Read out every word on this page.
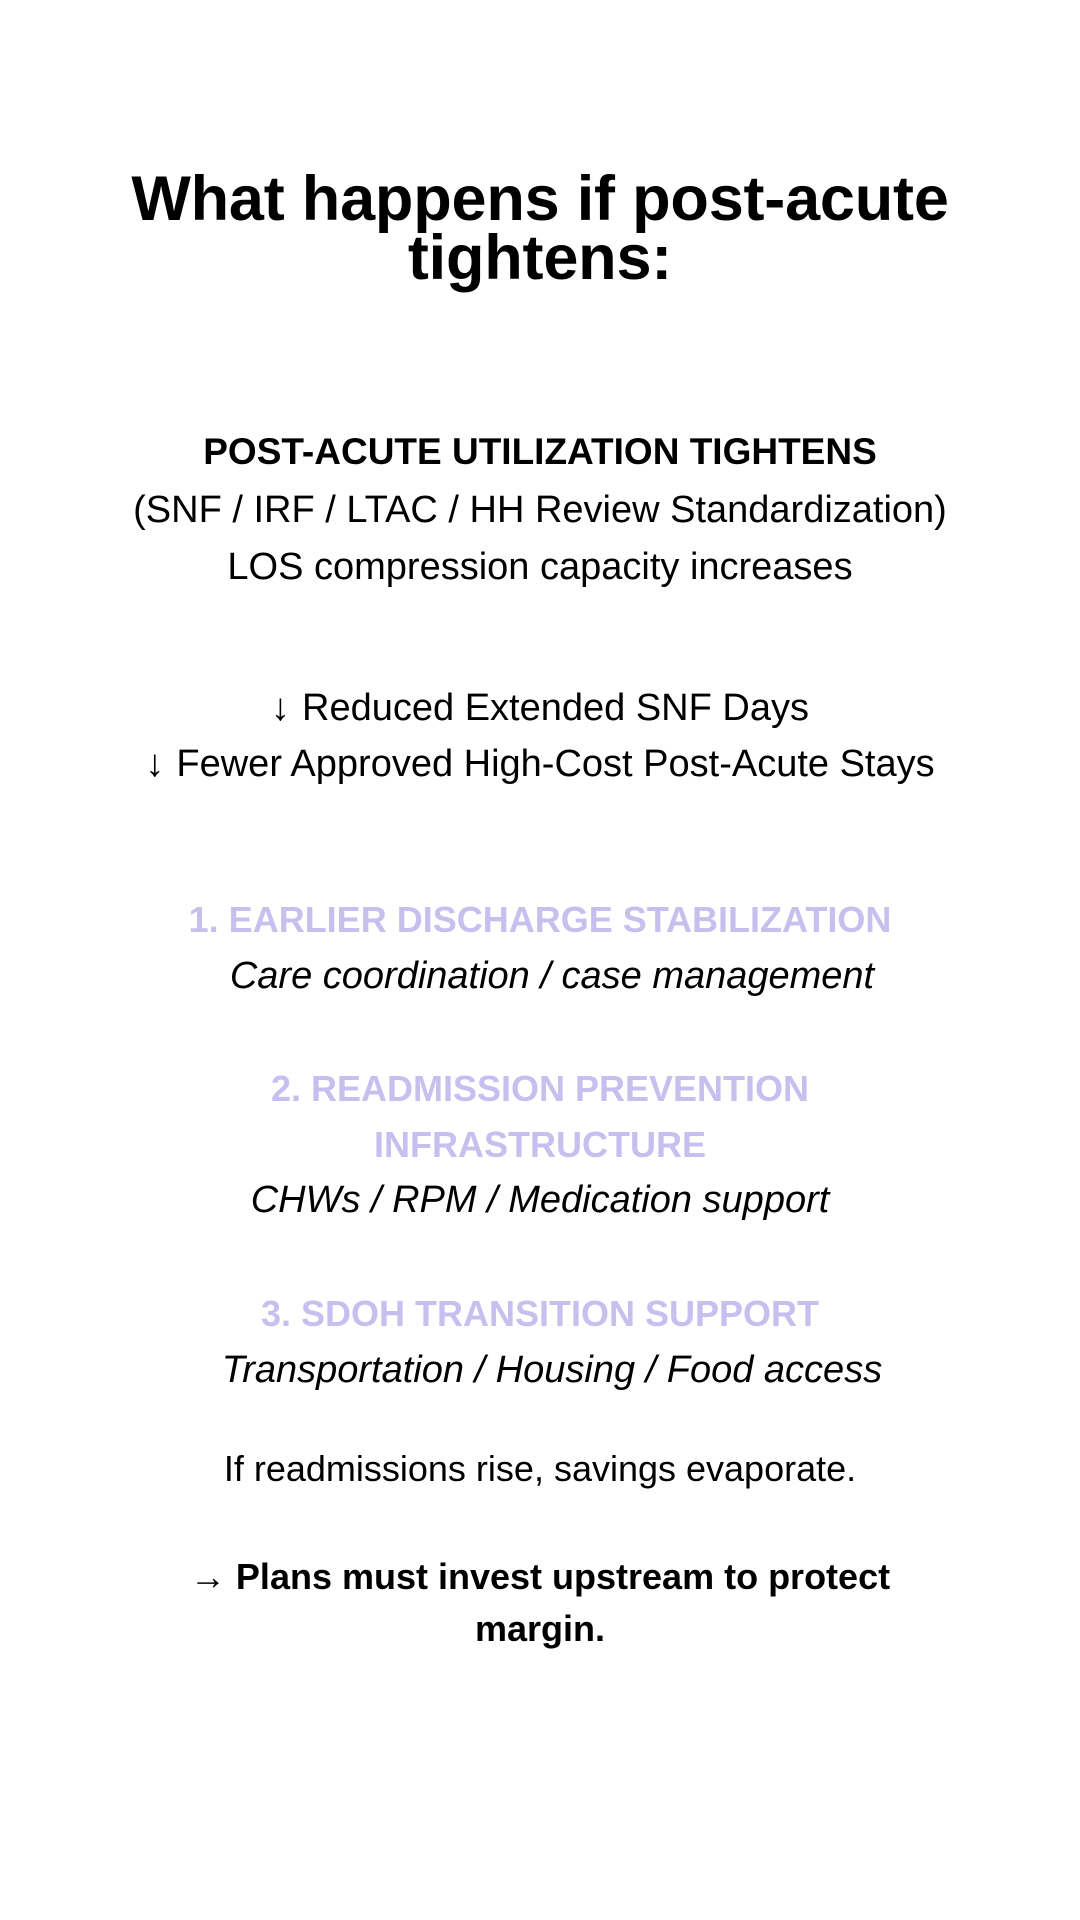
What happens if post-acute
tightens:

POST-ACUTE UTILIZATION TIGHTENS

(SNF / IRF / LTAC / HH Review Standardization)

LOS compression capacity increases

↓ Reduced Extended SNF Days

↓ Fewer Approved High-Cost Post-Acute Stays

1. EARLIER DISCHARGE STABILIZATION

Care coordination / case management

2. READMISSION PREVENTION
INFRASTRUCTURE

CHWs / RPM / Medication support

3. SDOH TRANSITION SUPPORT

Transportation / Housing / Food access

If readmissions rise, savings evaporate.

→ Plans must invest upstream to protect
margin.
